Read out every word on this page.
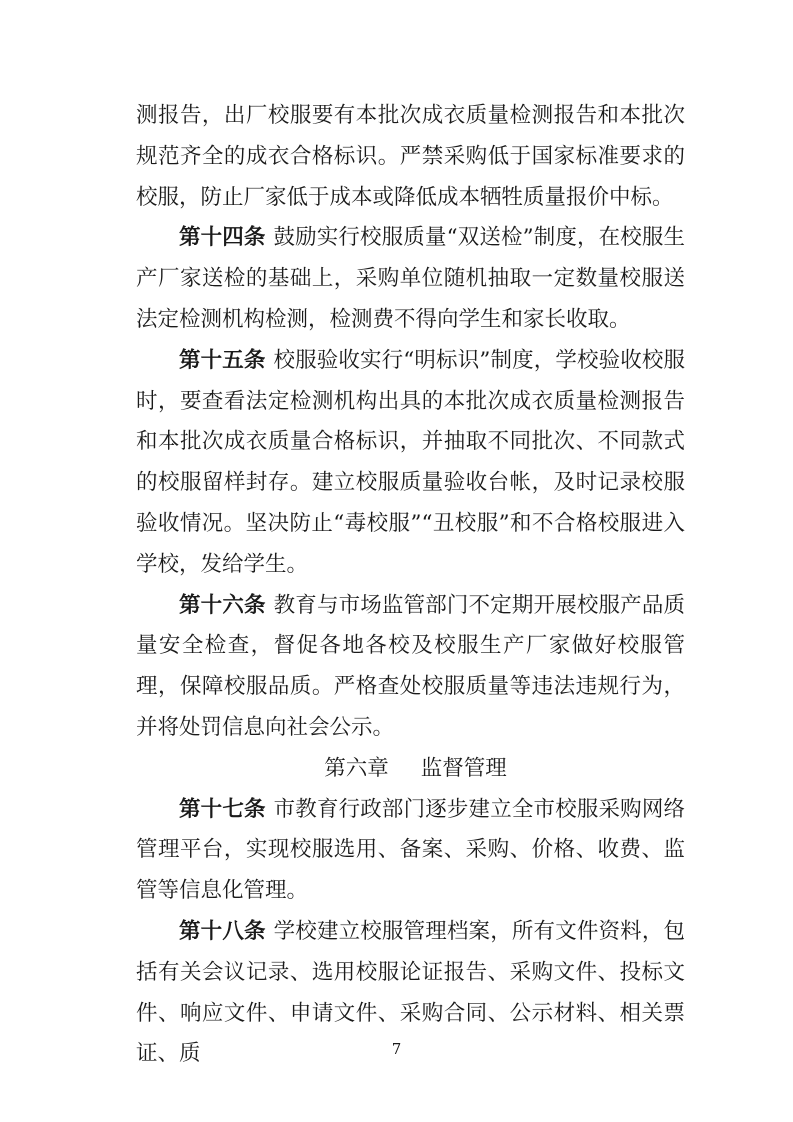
测报告，出厂校服要有本批次成衣质量检测报告和本批次规范齐全的成衣合格标识。严禁采购低于国家标准要求的校服，防止厂家低于成本或降低成本牺牲质量报价中标。

第十四条 鼓励实行校服质量“双送检”制度，在校服生产厂家送检的基础上，采购单位随机抽取一定数量校服送法定检测机构检测，检测费不得向学生和家长收取。

第十五条 校服验收实行“明标识”制度，学校验收校服时，要查看法定检测机构出具的本批次成衣质量检测报告和本批次成衣质量合格标识，并抽取不同批次、不同款式的校服留样封存。建立校服质量验收台帐，及时记录校服验收情况。坚决防止“毒校服”“丑校服”和不合格校服进入学校，发给学生。

第十六条 教育与市场监管部门不定期开展校服产品质量安全检查，督促各地各校及校服生产厂家做好校服管理，保障校服品质。严格查处校服质量等违法违规行为，并将处罚信息向社会公示。

第六章 监督管理

第十七条 市教育行政部门逐步建立全市校服采购网络管理平台，实现校服选用、备案、采购、价格、收费、监管等信息化管理。

第十八条 学校建立校服管理档案，所有文件资料，包括有关会议记录、选用校服论证报告、采购文件、投标文件、响应文件、申请文件、采购合同、公示材料、相关票证、质	7
